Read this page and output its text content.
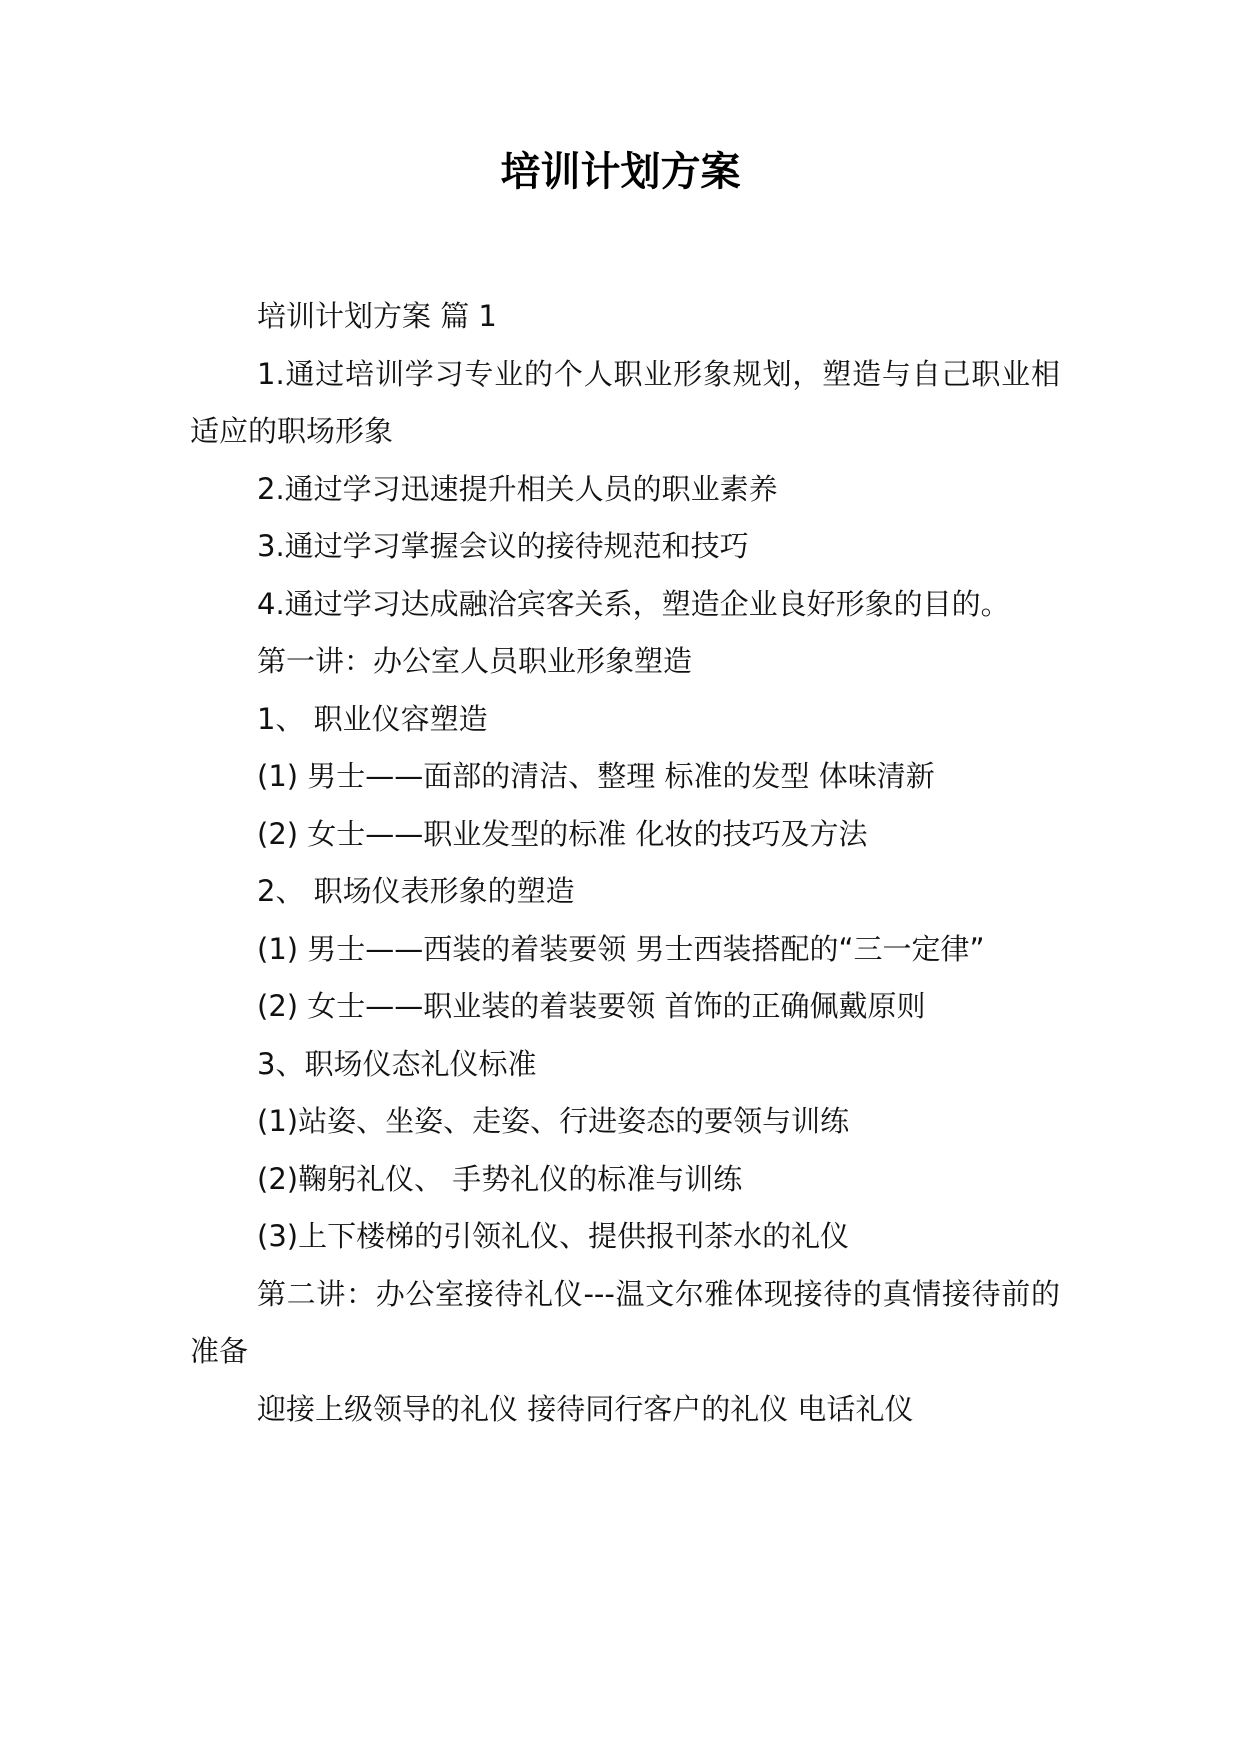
培训计划方案

培训计划方案 篇 1

1.通过培训学习专业的个人职业形象规划，塑造与自己职业相适应的职场形象

2.通过学习迅速提升相关人员的职业素养

3.通过学习掌握会议的接待规范和技巧

4.通过学习达成融洽宾客关系，塑造企业良好形象的目的。

第一讲：办公室人员职业形象塑造

1、 职业仪容塑造

(1) 男士——面部的清洁、整理 标准的发型 体味清新

(2) 女士——职业发型的标准 化妆的技巧及方法

2、 职场仪表形象的塑造

(1) 男士——西装的着装要领 男士西装搭配的“三一定律”

(2) 女士——职业装的着装要领 首饰的正确佩戴原则

3、职场仪态礼仪标准

(1)站姿、坐姿、走姿、行进姿态的要领与训练

(2)鞠躬礼仪、 手势礼仪的标准与训练

(3)上下楼梯的引领礼仪、提供报刊茶水的礼仪

第二讲：办公室接待礼仪---温文尔雅体现接待的真情接待前的准备

迎接上级领导的礼仪 接待同行客户的礼仪 电话礼仪
